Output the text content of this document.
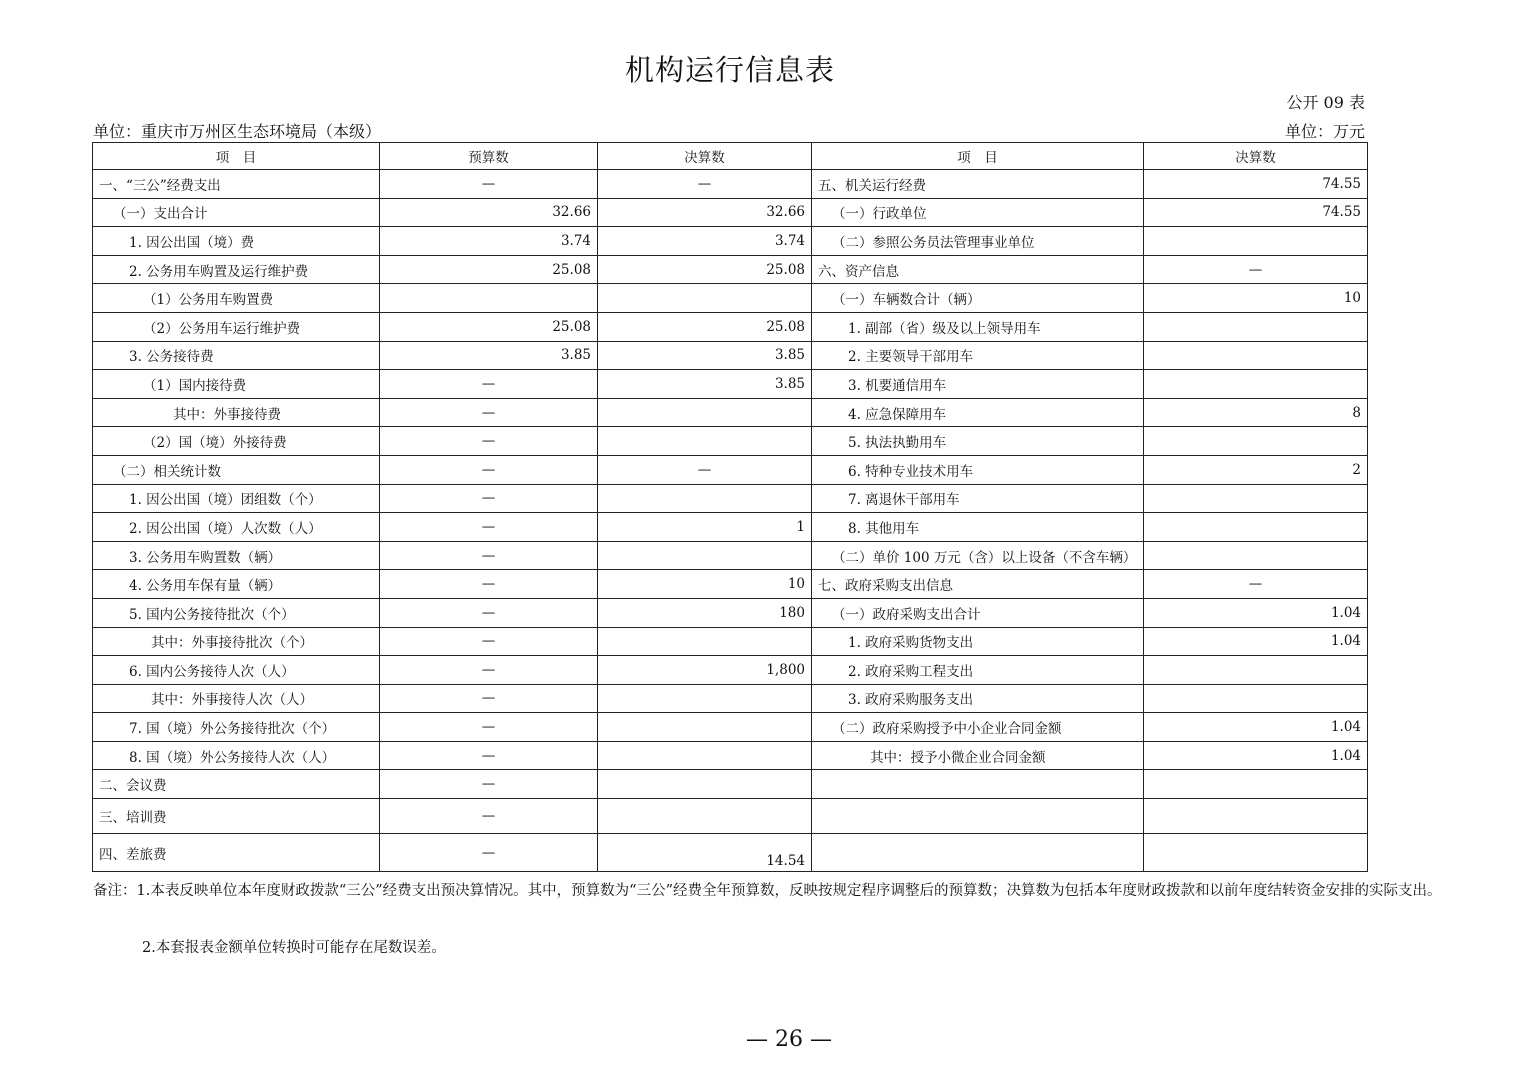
机构运行信息表
公开 09 表
单位：重庆市万州区生态环境局（本级）	单位：万元
项　目	预算数	决算数	项　目	决算数
一、“三公”经费支出	—	—	五、机关运行经费	74.55
（一）支出合计	32.66	32.66	（一）行政单位	74.55
1. 因公出国（境）费	3.74	3.74	（二）参照公务员法管理事业单位	
2. 公务用车购置及运行维护费	25.08	25.08	六、资产信息	—
（1）公务用车购置费			（一）车辆数合计（辆）	10
（2）公务用车运行维护费	25.08	25.08	1. 副部（省）级及以上领导用车	
3. 公务接待费	3.85	3.85	2. 主要领导干部用车	
（1）国内接待费	—	3.85	3. 机要通信用车	
其中：外事接待费	—		4. 应急保障用车	8
（2）国（境）外接待费	—		5. 执法执勤用车	
（二）相关统计数	—	—	6. 特种专业技术用车	2
1. 因公出国（境）团组数（个）	—		7. 离退休干部用车	
2. 因公出国（境）人次数（人）	—	1	8. 其他用车	
3. 公务用车购置数（辆）	—		（二）单价 100 万元（含）以上设备（不含车辆）	
4. 公务用车保有量（辆）	—	10	七、政府采购支出信息	—
5. 国内公务接待批次（个）	—	180	（一）政府采购支出合计	1.04
其中：外事接待批次（个）	—		1. 政府采购货物支出	1.04
6. 国内公务接待人次（人）	—	1,800	2. 政府采购工程支出	
其中：外事接待人次（人）	—		3. 政府采购服务支出	
7. 国（境）外公务接待批次（个）	—		（二）政府采购授予中小企业合同金额	1.04
8. 国（境）外公务接待人次（人）	—		其中：授予小微企业合同金额	1.04
二、会议费	—			
三、培训费	—			
四、差旅费	—	14.54		
备注：1.本表反映单位本年度财政拨款“三公”经费支出预决算情况。其中，预算数为“三公”经费全年预算数，反映按规定程序调整后的预算数；决算数为包括本年度财政拨款和以前年度结转资金安排的实际支出。
2.本套报表金额单位转换时可能存在尾数误差。
— 26 —
